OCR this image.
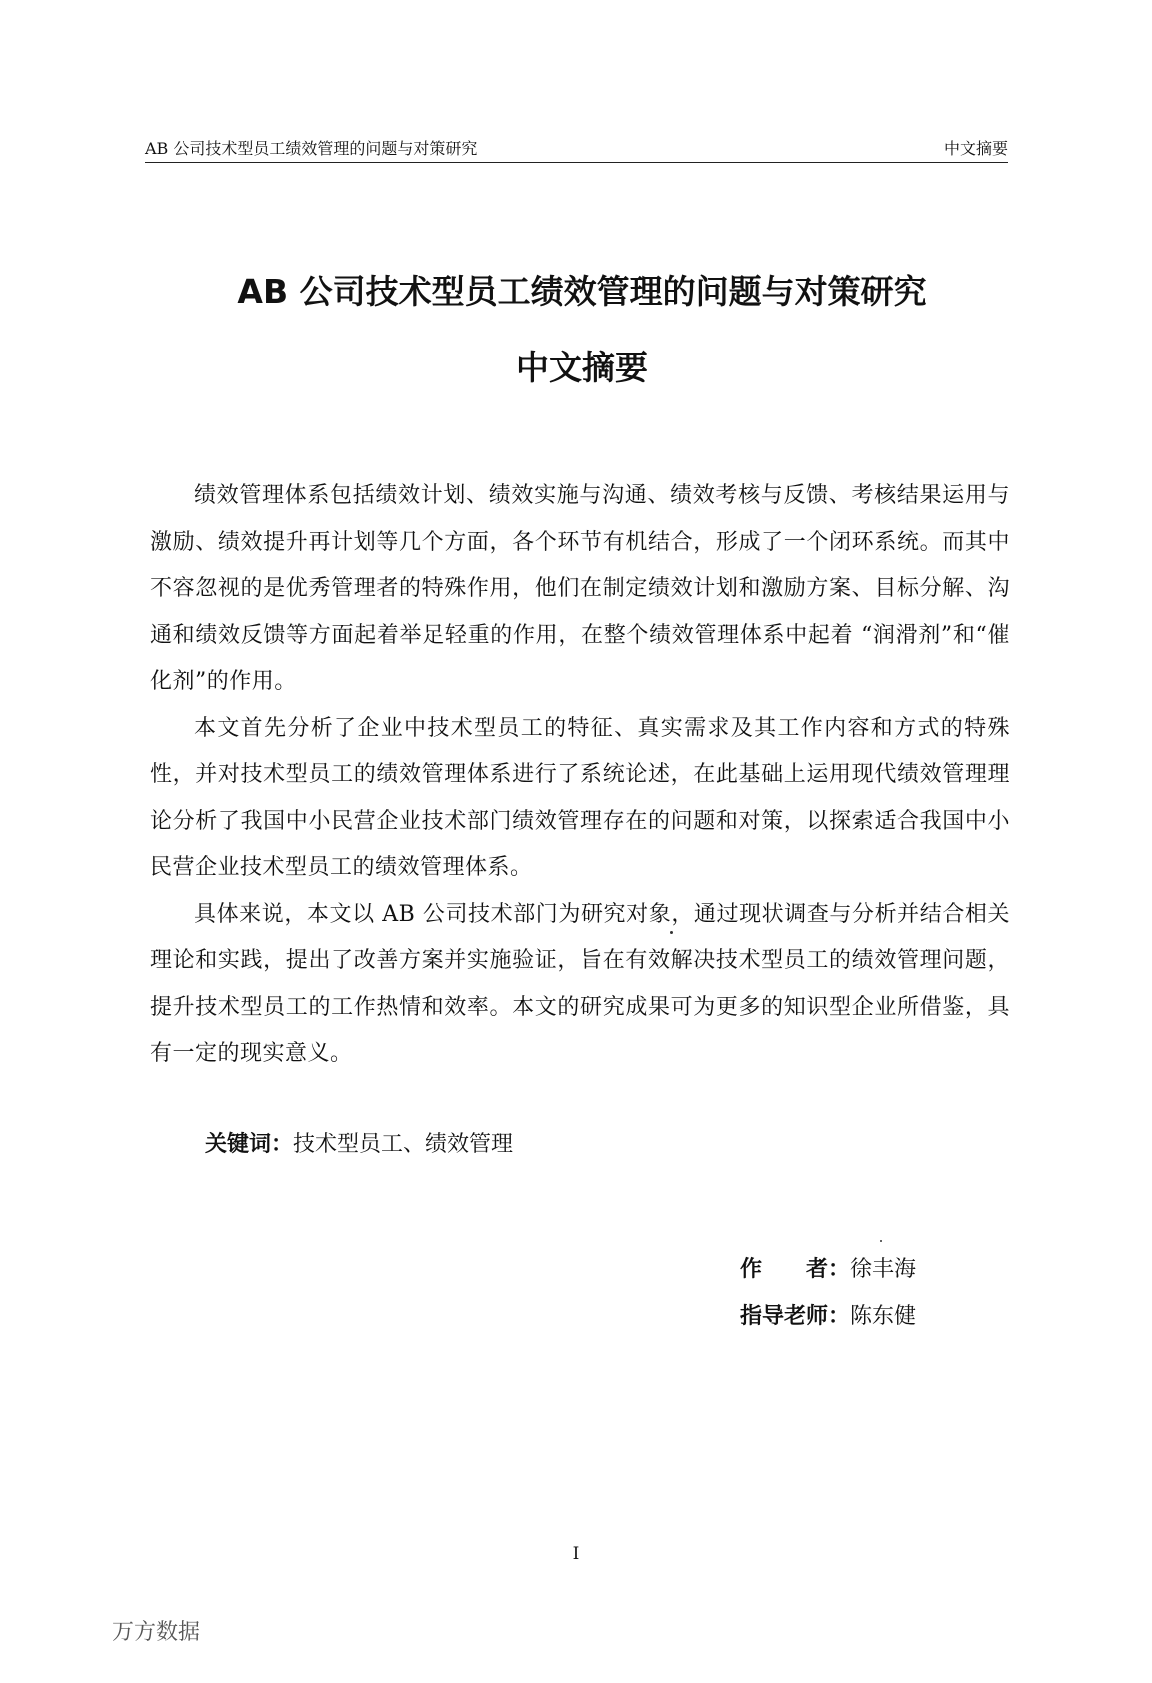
AB 公司技术型员工绩效管理的问题与对策研究	中文摘要
AB 公司技术型员工绩效管理的问题与对策研究
中文摘要

绩效管理体系包括绩效计划、绩效实施与沟通、绩效考核与反馈、考核结果运用与激励、绩效提升再计划等几个方面，各个环节有机结合，形成了一个闭环系统。而其中不容忽视的是优秀管理者的特殊作用，他们在制定绩效计划和激励方案、目标分解、沟通和绩效反馈等方面起着举足轻重的作用，在整个绩效管理体系中起着 “润滑剂”和“催化剂”的作用。

本文首先分析了企业中技术型员工的特征、真实需求及其工作内容和方式的特殊性，并对技术型员工的绩效管理体系进行了系统论述，在此基础上运用现代绩效管理理论分析了我国中小民营企业技术部门绩效管理存在的问题和对策，以探索适合我国中小民营企业技术型员工的绩效管理体系。

具体来说，本文以 AB 公司技术部门为研究对象，通过现状调查与分析并结合相关理论和实践，提出了改善方案并实施验证，旨在有效解决技术型员工的绩效管理问题，提升技术型员工的工作热情和效率。本文的研究成果可为更多的知识型企业所借鉴，具有一定的现实意义。

关键词：技术型员工、绩效管理
作　　者：徐丰海
指导老师：陈东健
I
万方数据
